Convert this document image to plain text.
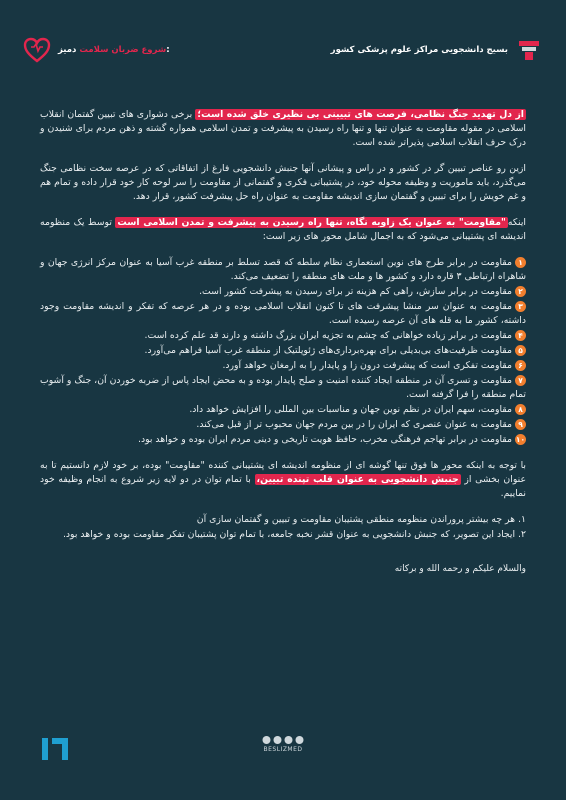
شروع ضربان سلامت دمیز:	بسیج دانشجویی مراکز علوم پزشکی کشور

از دل تهدید جنگ نظامی، فرصت های تبیینی بی نظیری خلق شده است؛ برخی دشواری های تبیین گفتمان انقلاب اسلامی در مقوله مقاومت به عنوان تنها و تنها راه رسیدن به پیشرفت و تمدن اسلامی همواره گشته و ذهن مردم برای شنیدن و درک حرف انقلاب اسلامی پذیراتر شده است.

ازین رو عناصر تبیین گر در کشور و در راس و پیشانی آنها جنبش دانشجویی فارغ از اتفاقاتی که در عرصه سخت نظامی جنگ می‌گذرد، باید ماموریت و وظیفه محوله خود، در پشتیبانی فکری و گفتمانی از مقاومت را سر لوحه کار خود قرار داده و تمام هم و غم خویش را برای تبیین و گفتمان سازی اندیشه مقاومت به عنوان راه حل پیشرفت کشور، قرار دهد.

اینکه"مقاومت" به عنوان یک زاویه نگاه، تنها راه رسیدن به پیشرفت و تمدن اسلامی است توسط یک منظومه اندیشه ای پشتیبانی می‌شود که به اجمال شامل محور های زیر است:

۱مقاومت در برابر طرح های نوین استعماری نظام سلطه که قصد تسلط بر منطقه غرب آسیا به عنوان مرکز انرژی جهان و شاهراه ارتباطی ۳ قاره دارد و کشور ها و ملت های منطقه را تضعیف می‌کند.
۲مقاومت در برابر سازش، راهی کم هزینه تر برای رسیدن به پیشرفت کشور است.
۳مقاومت به عنوان سر منشا پیشرفت های تا کنون انقلاب اسلامی بوده و در هر عرصه که تفکر و اندیشه مقاومت وجود داشته، کشور ما به قله های آن عرصه رسیده است.
۴مقاومت در برابر زیاده خواهانی که چشم به تجزیه ایران بزرگ داشته و دارند قد علم کرده است.
۵مقاومت ظرفیت‌های بی‌بدیلی برای بهره‌برداری‌های ژئوپلتیک از منطقه غرب آسیا فراهم می‌آورد.
۶مقاومت تفکری است که پیشرفت درون زا و پایدار را به ارمغان خواهد آورد.
۷مقاومت و تسری آن در منطقه ایجاد کننده امنیت و صلح پایدار بوده و به محض ایجاد پاس از ضربه خوردن آن، جنگ و آشوب تمام منطقه را فرا گرفته است.
۸مقاومت، سهم ایران در نظم نوین جهان و مناسبات بین المللی را افزایش خواهد داد.
۹مقاومت به عنوان عنصری که ایران را در بین مردم جهان محبوب تر از قبل می‌کند.
۱۰مقاومت در برابر تهاجم فرهنگی مخرب، حافظ هویت تاریخی و دینی مردم ایران بوده و خواهد بود.

با توجه به اینکه محور ها فوق تنها گوشه ای از منظومه اندیشه ای پشتیبانی کننده "مقاومت" بوده، بر خود لازم دانستیم تا به عنوان بخشی از جنبش دانشجویی به عنوان قلب تپنده تبیین، با تمام توان در دو لایه زیر شروع به انجام وظیفه خود نماییم.

۱. هر چه بیشتر پروراندن منظومه منطقی پشتیبان مقاومت و تبیین و گفتمان سازی آن
۲. ایجاد این تصویر، که جنبش دانشجویی به عنوان قشر نخبه جامعه، با تمام توان پشتیبان تفکر مقاومت بوده و خواهد بود.
والسلام علیکم و رحمه الله و برکاته
BESLIZMED
